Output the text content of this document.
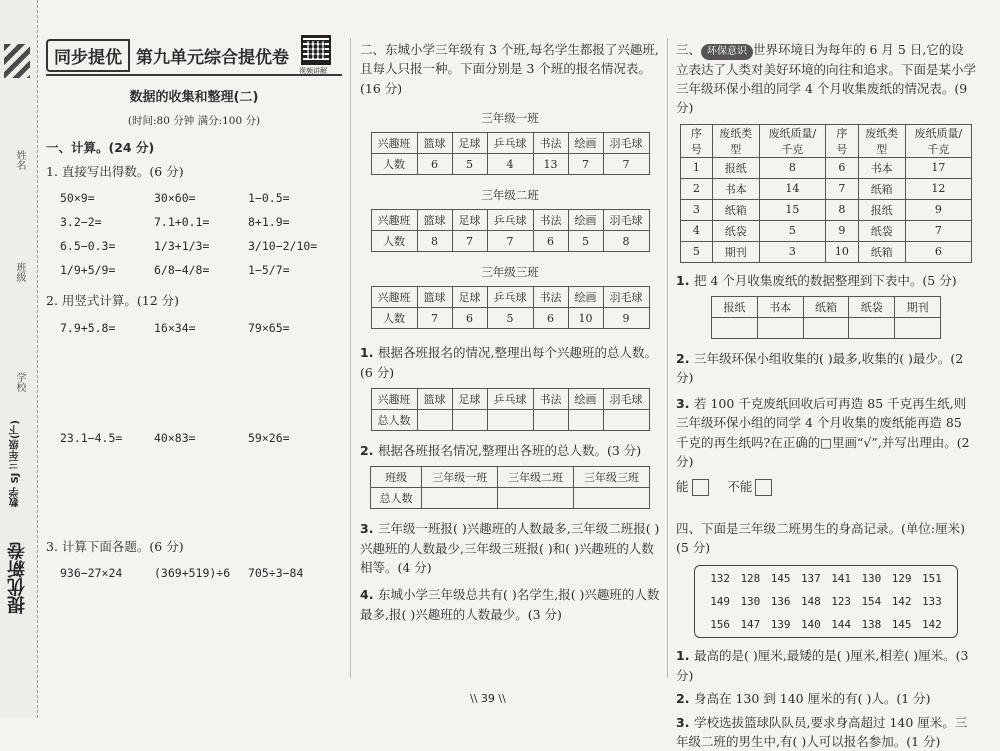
姓名
班级
学校
数学 SJ 三年级(下)
提优新卷
同步提优 第九单元综合提优卷
视频讲解
数据的收集和整理(二)
(时间:80 分钟 满分:100 分)
一、计算。(24 分)
1. 直接写出得数。(6 分)
50×9=	30×60=	1−0.5=
3.2−2=	7.1+0.1=	8+1.9=
6.5−0.3=	1/3+1/3=	3/10−2/10=
1/9+5/9=	6/8−4/8=	1−5/7=
2. 用竖式计算。(12 分)
7.9+5.8=	16×34=	79×65=
23.1−4.5=	40×83=	59×26=
3. 计算下面各题。(6 分)
936−27×24	(369+519)÷6	705÷3−84
二、东城小学三年级有 3 个班,每名学生都报了兴趣班,且每人只报一种。下面分别是 3 个班的报名情况表。(16 分)
三年级一班
兴趣班	篮球	足球	乒乓球	书法	绘画	羽毛球
人数	6	5	4	13	7	7
三年级二班
兴趣班	篮球	足球	乒乓球	书法	绘画	羽毛球
人数	8	7	7	6	5	8
三年级三班
兴趣班	篮球	足球	乒乓球	书法	绘画	羽毛球
人数	7	6	5	6	10	9
1. 根据各班报名的情况,整理出每个兴趣班的总人数。(6 分)
兴趣班	篮球	足球	乒乓球	书法	绘画	羽毛球
总人数						
2. 根据各班报名情况,整理出各班的总人数。(3 分)
班级	三年级一班	三年级二班	三年级三班
总人数			
3. 三年级一班报( )兴趣班的人数最多,三年级二班报( )兴趣班的人数最少,三年级三班报( )和( )兴趣班的人数相等。(4 分)
4. 东城小学三年级总共有( )名学生,报( )兴趣班的人数最多,报( )兴趣班的人数最少。(3 分)
三、 环保意识 世界环境日为每年的 6 月 5 日,它的设立表达了人类对美好环境的向往和追求。下面是某小学三年级环保小组的同学 4 个月收集废纸的情况表。(9 分)
序号	废纸类型	废纸质量/千克	序号	废纸类型	废纸质量/千克
1	报纸	8	6	书本	17
2	书本	14	7	纸箱	12
3	纸箱	15	8	报纸	9
4	纸袋	5	9	纸袋	7
5	期刊	3	10	纸箱	6
1. 把 4 个月收集废纸的数据整理到下表中。(5 分)
报纸	书本	纸箱	纸袋	期刊

2. 三年级环保小组收集的( )最多,收集的( )最少。(2 分)
3. 若 100 千克废纸回收后可再造 85 千克再生纸,则三年级环保小组的同学 4 个月收集的废纸能再造 85 千克的再生纸吗?在正确的□里画“√”,并写出理由。(2 分)
能	不能
四、下面是三年级二班男生的身高记录。(单位:厘米)(5 分)
132 128 145 137 141 130 129 151
149 130 136 148 123 154 142 133
156 147 139 140 144 138 145 142
1. 最高的是( )厘米,最矮的是( )厘米,相差( )厘米。(3 分)
2. 身高在 130 到 140 厘米的有( )人。(1 分)
3. 学校选拔篮球队队员,要求身高超过 140 厘米。三年级二班的男生中,有( )人可以报名参加。(1 分)
\\ 39 \\
